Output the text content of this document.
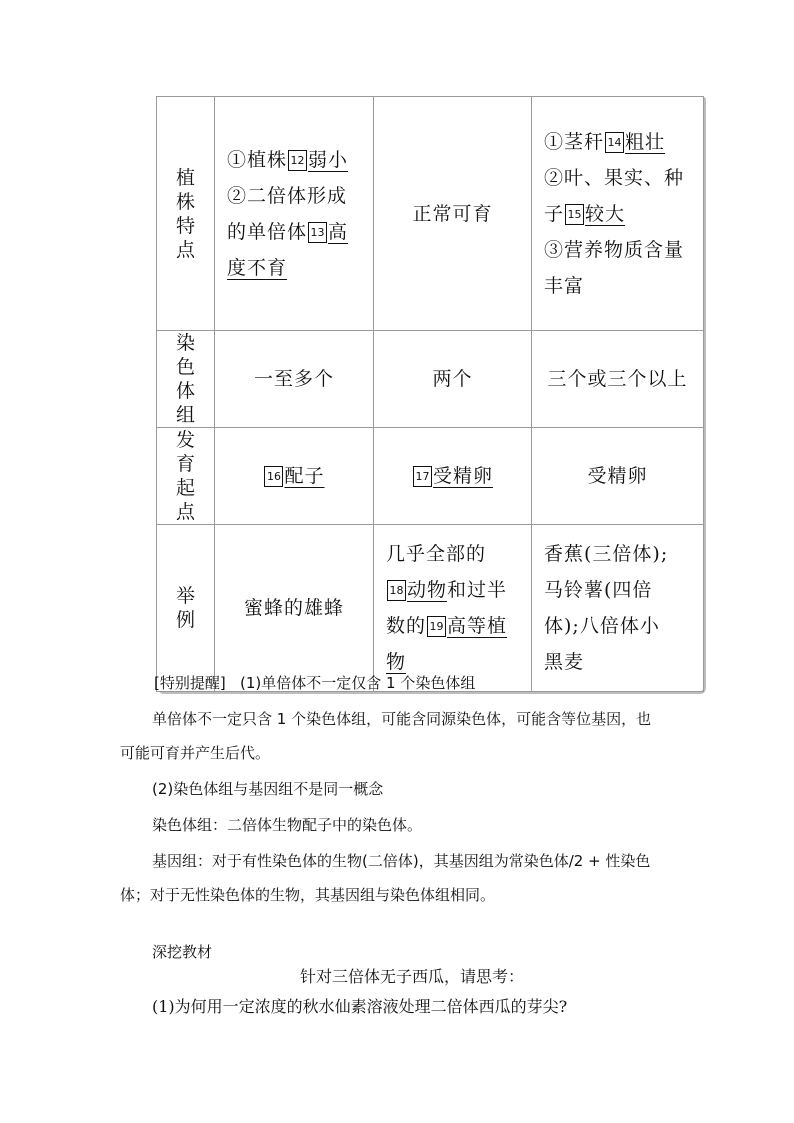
植株特点	①植株 12 弱小
②二倍体形成的单倍体 13 高度不育	正常可育	①茎秆 14 粗壮
②叶、果实、种子 15 较大
③营养物质含量丰富
染色体组	一至多个	两个	三个或三个以上
发育起点	16 配子	17 受精卵	受精卵
举例	蜜蜂的雄蜂	几乎全部的
18 动物和过半数的 19 高等植物	香蕉(三倍体);
马铃薯(四倍
体);八倍体小
黑麦
[特别提醒] (1)单倍体不一定仅含 1 个染色体组
单倍体不一定只含 1 个染色体组，可能含同源染色体，可能含等位基因，也
可能可育并产生后代。
(2)染色体组与基因组不是同一概念
染色体组：二倍体生物配子中的染色体。
基因组：对于有性染色体的生物(二倍体)，其基因组为常染色体/2 + 性染色
体；对于无性染色体的生物，其基因组与染色体组相同。
深挖教材
针对三倍体无子西瓜，请思考：
(1)为何用一定浓度的秋水仙素溶液处理二倍体西瓜的芽尖?
